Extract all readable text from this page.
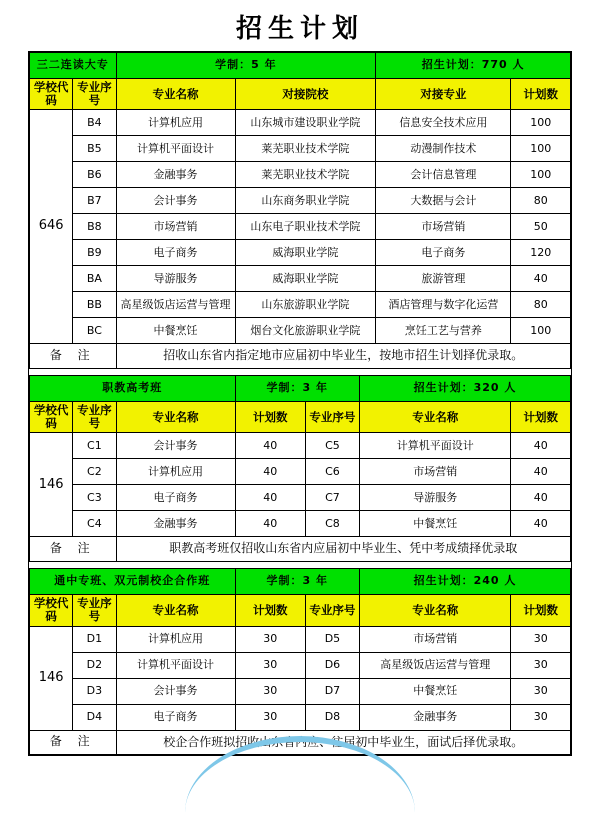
招生计划
三二连读大专		学制：5 年		招生计划：770 人	
学校代码	专业序号	专业名称	对接院校	对接专业	计划数
646	B4	计算机应用	山东城市建设职业学院	信息安全技术应用	100
	B5	计算机平面设计	莱芜职业技术学院	动漫制作技术	100
	B6	金融事务	莱芜职业技术学院	会计信息管理	100
	B7	会计事务	山东商务职业学院	大数据与会计	80
	B8	市场营销	山东电子职业技术学院	市场营销	50
	B9	电子商务	威海职业学院	电子商务	120
	BA	导游服务	威海职业学院	旅游管理	40
	BB	高星级饭店运营与管理	山东旅游职业学院	酒店管理与数字化运营	80
	BC	中餐烹饪	烟台文化旅游职业学院	烹饪工艺与营养	100
备 注		招收山东省内指定地市应届初中毕业生，按地市招生计划择优录取。			
职教高考班			学制：3 年		招生计划：320 人	
学校代码	专业序号	专业名称	计划数	专业序号	专业名称	计划数
146	C1	会计事务	40	C5	计算机平面设计	40
	C2	计算机应用	40	C6	市场营销	40
	C3	电子商务	40	C7	导游服务	40
	C4	金融事务	40	C8	中餐烹饪	40
备 注		职教高考班仅招收山东省内应届初中毕业生、凭中考成绩择优录取				
通中专班、双元制校企合作班			学制：3 年		招生计划：240 人	
学校代码	专业序号	专业名称	计划数	专业序号	专业名称	计划数
146	D1	计算机应用	30	D5	市场营销	30
	D2	计算机平面设计	30	D6	高星级饭店运营与管理	30
	D3	会计事务	30	D7	中餐烹饪	30
	D4	电子商务	30	D8	金融事务	30
备 注		校企合作班拟招收山东省内应、往届初中毕业生，面试后择优录取。				
